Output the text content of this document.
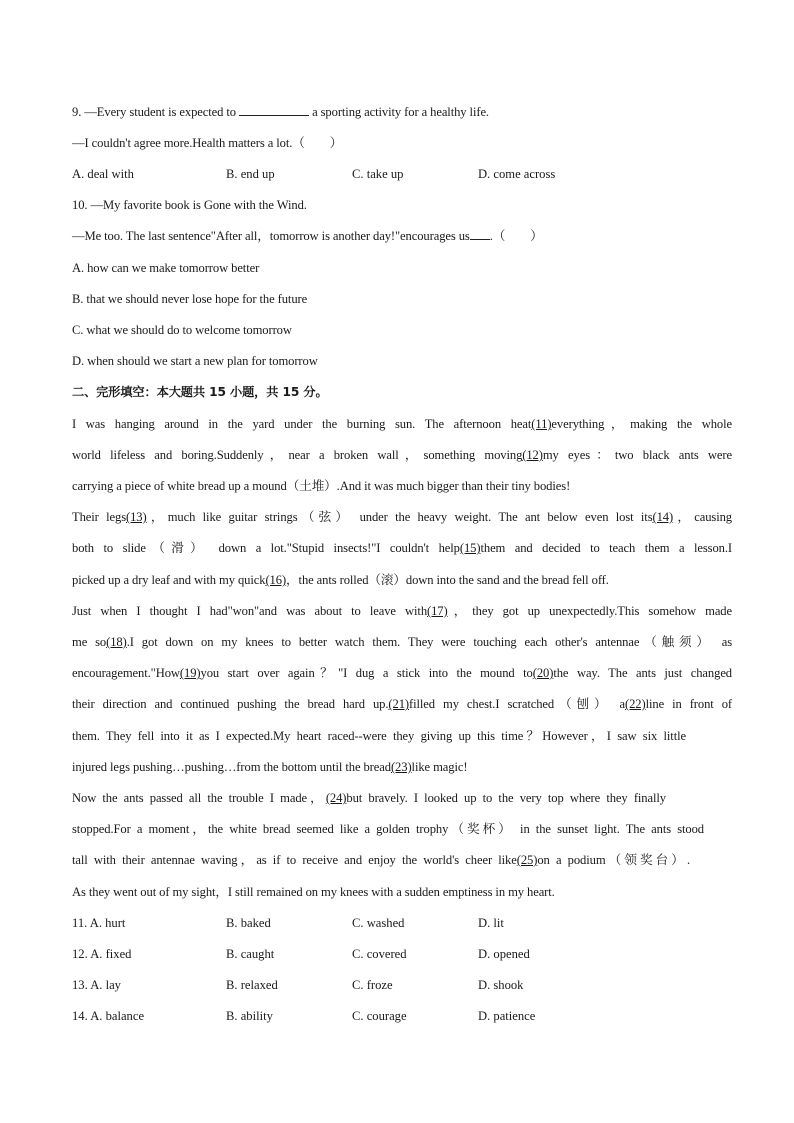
9. —Every student is expected to	a sporting activity for a healthy life.
—I couldn't agree more.Health matters a lot.（　　）
A. deal with	B. end up	C. take up	D. come across
10. —My favorite book is Gone with the Wind.
—Me too. The last sentence"After all，tomorrow is another day!"encourages us .（　　）
A. how can we make tomorrow better
B. that we should never lose hope for the future
C. what we should do to welcome tomorrow
D. when should we start a new plan for tomorrow
二、完形填空：本大题共 15 小题，共 15 分。
I was hanging around in the yard under the burning sun. The afternoon heat(11)everything，making the whole
world lifeless and boring.Suddenly，near a broken wall，something moving(12)my eyes：two black ants were
carrying a piece of white bread up a mound（土堆）.And it was much bigger than their tiny bodies!
Their legs(13)，much like guitar strings（弦） under the heavy weight. The ant below even lost its(14)，causing
both to slide（滑） down a lot."Stupid insects!"I couldn't help(15)them and decided to teach them a lesson.I
picked up a dry leaf and with my quick(16)，the ants rolled（滚）down into the sand and the bread fell off.
Just when I thought I had"won"and was about to leave with(17)，they got up unexpectedly.This somehow made
me so(18).I got down on my knees to better watch them. They were touching each other's antennae（触须） as
encouragement."How(19)you start over again？"I dug a stick into the mound to(20)the way. The ants just changed
their direction and continued pushing the bread hard up.(21)filled my chest.I scratched（刨） a(22)line in front of
them. They fell into it as I expected.My heart raced--were they giving up this time？However，I saw six little
injured legs pushing…pushing…from the bottom until the bread(23)like magic!
Now the ants passed all the trouble I made，(24)but bravely. I looked up to the very top where they finally
stopped.For a moment，the white bread seemed like a golden trophy（奖杯） in the sunset light. The ants stood
tall with their antennae waving，as if to receive and enjoy the world's cheer like(25)on a podium（领奖台）.
As they went out of my sight，I still remained on my knees with a sudden emptiness in my heart.
11. A. hurt	B. baked	C. washed	D. lit
12. A. fixed	B. caught	C. covered	D. opened
13. A. lay	B. relaxed	C. froze	D. shook
14. A. balance	B. ability	C. courage	D. patience
